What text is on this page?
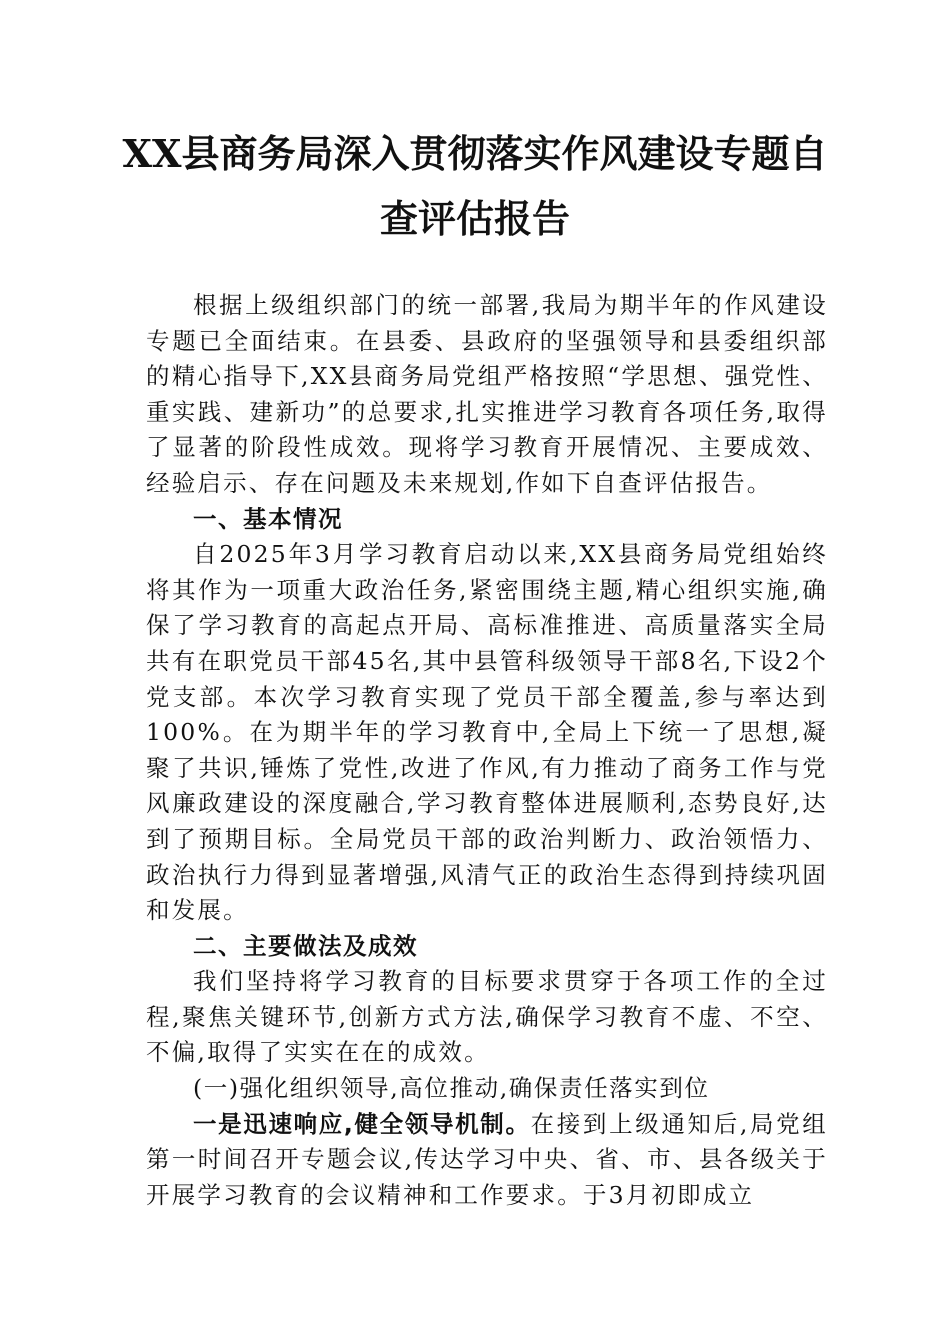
XX县商务局深入贯彻落实作风建设专题自
查评估报告

根据上级组织部门的统一部署,我局为期半年的作风建设专题已全面结束。在县委、县政府的坚强领导和县委组织部的精心指导下,XX县商务局党组严格按照“学思想、强党性、重实践、建新功”的总要求,扎实推进学习教育各项任务,取得了显著的阶段性成效。现将学习教育开展情况、主要成效、经验启示、存在问题及未来规划,作如下自查评估报告。

一、基本情况

自2025年3月学习教育启动以来,XX县商务局党组始终将其作为一项重大政治任务,紧密围绕主题,精心组织实施,确保了学习教育的高起点开局、高标准推进、高质量落实全局共有在职党员干部45名,其中县管科级领导干部8名,下设2个党支部。本次学习教育实现了党员干部全覆盖,参与率达到100%。在为期半年的学习教育中,全局上下统一了思想,凝聚了共识,锤炼了党性,改进了作风,有力推动了商务工作与党风廉政建设的深度融合,学习教育整体进展顺利,态势良好,达到了预期目标。全局党员干部的政治判断力、政治领悟力、政治执行力得到显著增强,风清气正的政治生态得到持续巩固和发展。

二、主要做法及成效

我们坚持将学习教育的目标要求贯穿于各项工作的全过程,聚焦关键环节,创新方式方法,确保学习教育不虚、不空、不偏,取得了实实在在的成效。

(一)强化组织领导,高位推动,确保责任落实到位

一是迅速响应,健全领导机制。在接到上级通知后,局党组第一时间召开专题会议,传达学习中央、省、市、县各级关于开展学习教育的会议精神和工作要求。于3月初即成立
